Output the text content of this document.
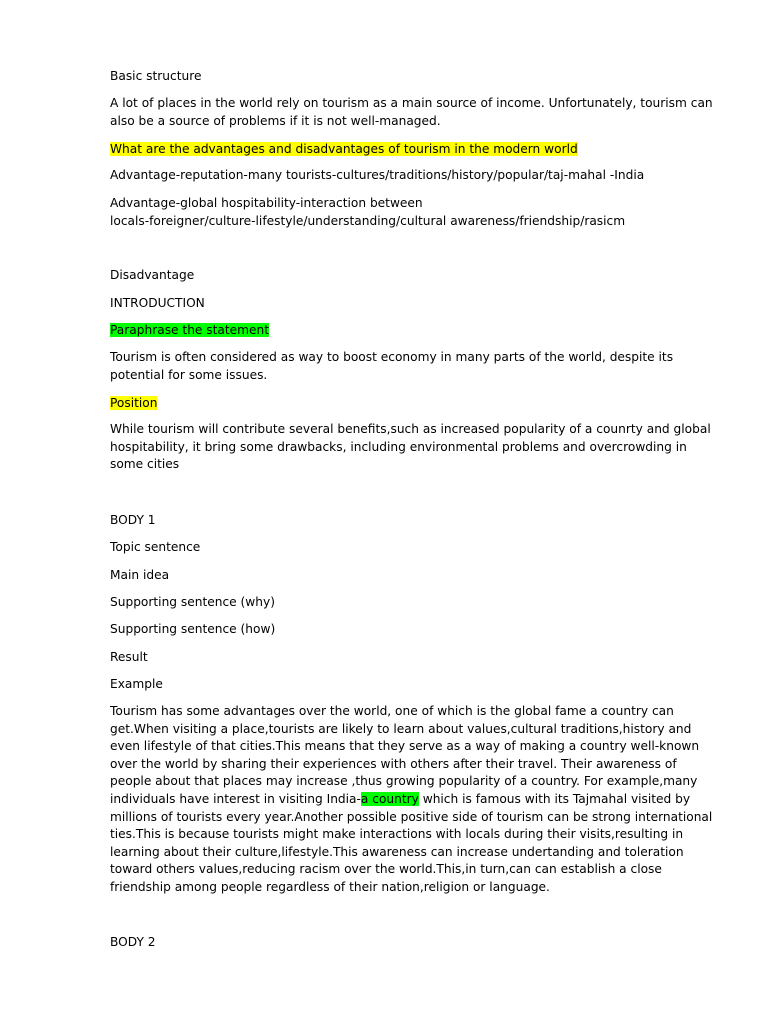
Basic structure

A lot of places in the world rely on tourism as a main source of income. Unfortunately, tourism can also be a source of problems if it is not well-managed.

What are the advantages and disadvantages of tourism in the modern world

Advantage-reputation-many tourists-cultures/traditions/history/popular/taj-mahal -India

Advantage-global hospitability-interaction between
locals-foreigner/culture-lifestyle/understanding/cultural awareness/friendship/rasicm

Disadvantage

INTRODUCTION

Paraphrase the statement

Tourism is often considered as way to boost economy in many parts of the world, despite its potential for some issues.

Position

While tourism will contribute several benefits,such as increased popularity of a counrty and global hospitability, it bring some drawbacks, including environmental problems and overcrowding in some cities

BODY 1

Topic sentence

Main idea

Supporting sentence (why)

Supporting sentence (how)

Result

Example

Tourism has some advantages over the world, one of which is the global fame a country can get.When visiting a place,tourists are likely to learn about values,cultural traditions,history and even lifestyle of that cities.This means that they serve as a way of making a country well-known over the world by sharing their experiences with others after their travel. Their awareness of people about that places may increase ,thus growing popularity of a country. For example,many individuals have interest in visiting India-a country which is famous with its Tajmahal visited by millions of tourists every year.Another possible positive side of tourism can be strong international ties.This is because tourists might make interactions with locals during their visits,resulting in learning about their culture,lifestyle.This awareness can increase undertanding and toleration toward others values,reducing racism over the world.This,in turn,can can establish a close friendship among people regardless of their nation,religion or language.

BODY 2
